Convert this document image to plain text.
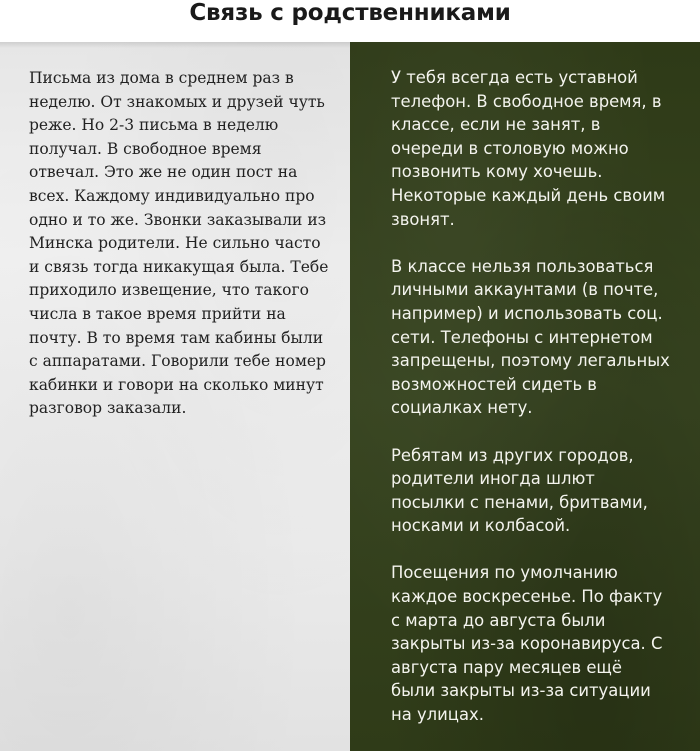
Связь с родственниками

Письма из дома в среднем раз в
неделю. От знакомых и друзей чуть
реже. Но 2-3 письма в неделю
получал. В свободное время
отвечал. Это же не один пост на
всех. Каждому индивидуально про
одно и то же. Звонки заказывали из
Минска родители. Не сильно часто
и связь тогда никакущая была. Тебе
приходило извещение, что такого
числа в такое время прийти на
почту. В то время там кабины были
с аппаратами. Говорили тебе номер
кабинки и говори на сколько минут
разговор заказали.

У тебя всегда есть уставной
телефон. В свободное время, в
классе, если не занят, в
очереди в столовую можно
позвонить кому хочешь.
Некоторые каждый день своим
звонят.

В классе нельзя пользоваться
личными аккаунтами (в почте,
например) и использовать соц.
сети. Телефоны с интернетом
запрещены, поэтому легальных
возможностей сидеть в
социалках нету.

Ребятам из других городов,
родители иногда шлют
посылки с пенами, бритвами,
носками и колбасой.

Посещения по умолчанию
каждое воскресенье. По факту
с марта до августа были
закрыты из-за коронавируса. С
августа пару месяцев ещё
были закрыты из-за ситуации
на улицах.
